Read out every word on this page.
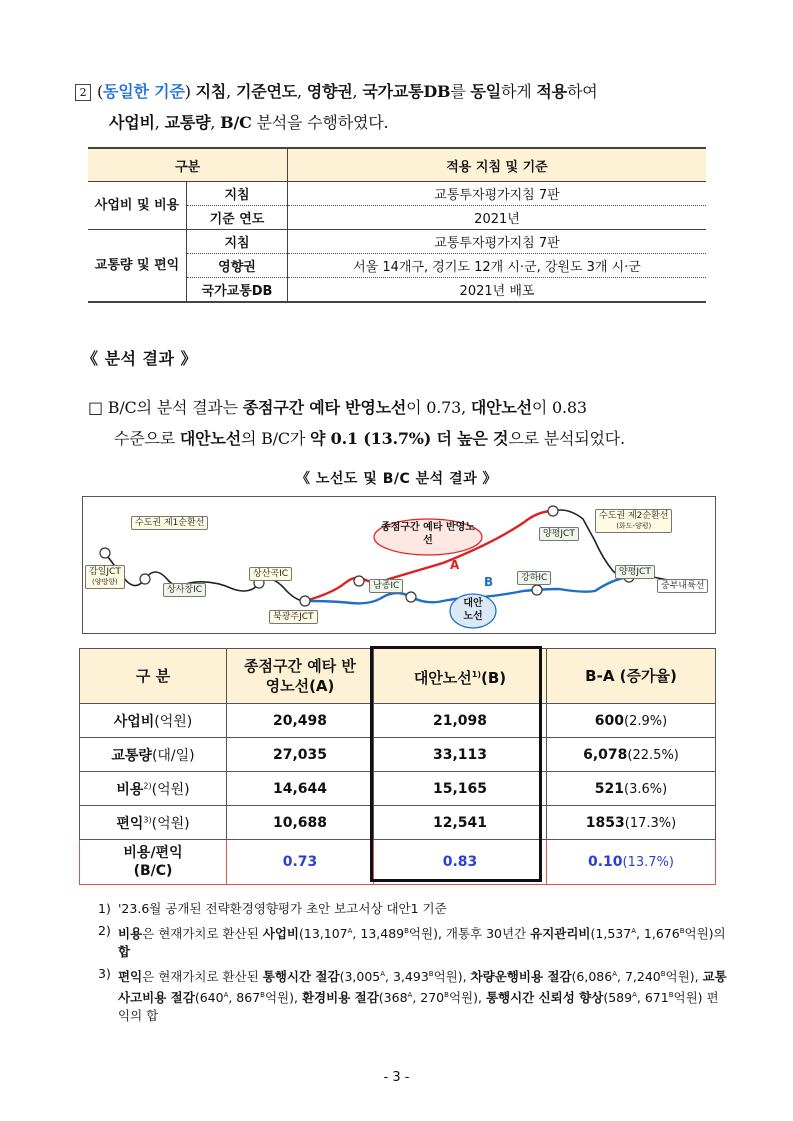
2 (동일한 기준) 지침, 기준연도, 영향권, 국가교통DB를 동일하게 적용하여
사업비, 교통량, B/C 분석을 수행하였다.
구분		적용 지침 및 기준
사업비 및 비용	지침	교통투자평가지침 7판
	기준 연도	2021년
교통량 및 편익	지침	교통투자평가지침 7판
	영향권	서울 14개구, 경기도 12개 시·군, 강원도 3개 시·군
	국가교통DB	2021년 배포
《 분석 결과 》
□ B/C의 분석 결과는 종점구간 예타 반영노선이 0.73, 대안노선이 0.83
수준으로 대안노선의 B/C가 약 0.1 (13.7%) 더 높은 것으로 분석되었다.
《 노선도 및 B/C 분석 결과 》
수도권 제1순환선
감일JCT
(양방향)
상사창IC
상산곡IC
북광주JCT
남종IC
강하IC
양평JCT
양평JCT
수도권 제2순환선
(화도-양평)
중부내륙선
종점구간 예타 반영노선
A
B
대안 노선
구 분	종점구간 예타 반영노선(A)	대안노선$^{1)}$(B)	B-A (증가율)
사업비(억원)	20,498	21,098	600(2.9%)
교통량(대/일)	27,035	33,113	6,078(22.5%)
비용$^{2)}$(억원)	14,644	15,165	521(3.6%)
편익$^{3)}$(억원)	10,688	12,541	1853(17.3%)

비용/편익 (B/C)	0.73	0.83	0.10(13.7%)
1) '23.6월 공개된 전략환경영향평가 초안 보고서상 대안1 기준
2) 비용은 현재가치로 환산된 사업비($13,107^A$, $13,489^B$억원), 개통후 30년간 유지관리비($1,537^A$, $1,676^B$억원)의 합
3) 편익은 현재가치로 환산된 통행시간 절감($3,005^A$, $3,493^B$억원), 차량운행비용 절감($6,086^A$, $7,240^B$억원), 교통사고비용 절감($640^A$, $867^B$억원), 환경비용 절감($368^A$, $270^B$억원), 통행시간 신뢰성 향상($589^A$, $671^B$억원) 편익의 합
- 3 -
